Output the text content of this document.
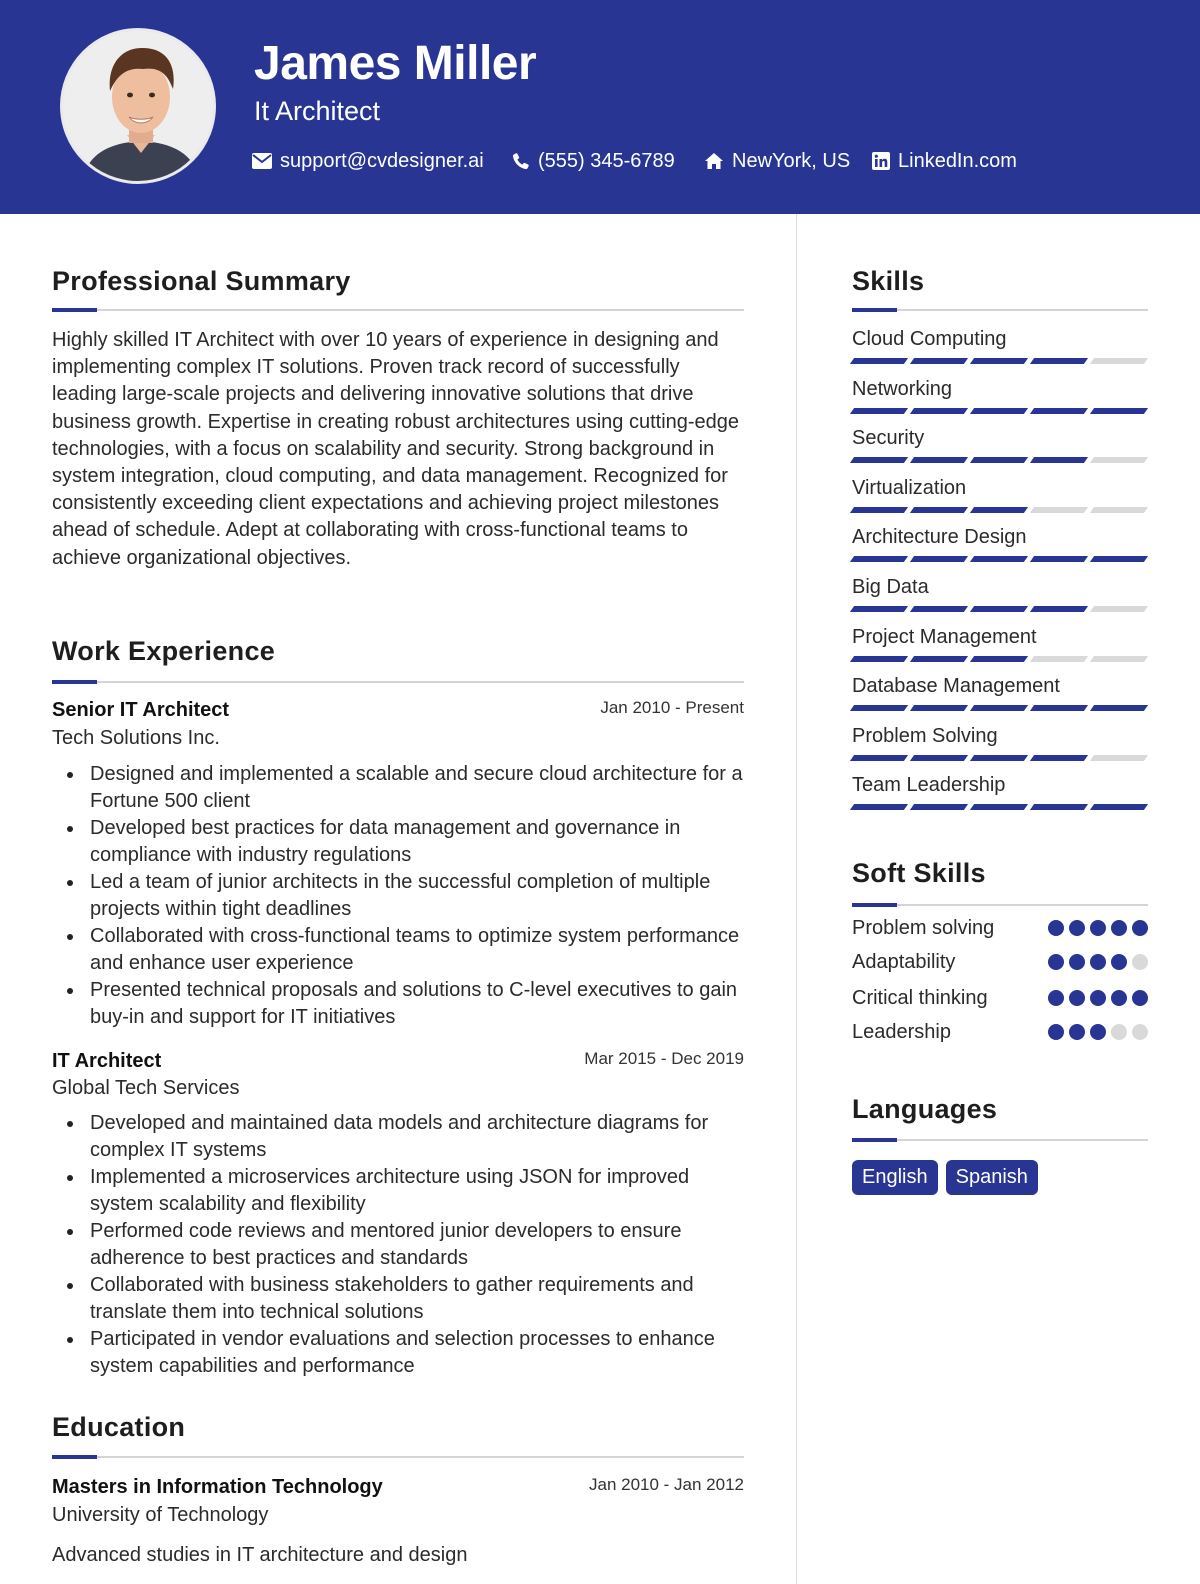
James Miller
It Architect
support@cvdesigner.ai	(555) 345-6789	NewYork, US LinkedIn.com
Professional Summary
Highly skilled IT Architect with over 10 years of experience in designing and implementing complex IT solutions. Proven track record of successfully leading large-scale projects and delivering innovative solutions that drive business growth. Expertise in creating robust architectures using cutting-edge technologies, with a focus on scalability and security. Strong background in system integration, cloud computing, and data management. Recognized for consistently exceeding client expectations and achieving project milestones ahead of schedule. Adept at collaborating with cross-functional teams to achieve organizational objectives.
Work Experience
Senior IT Architect	Jan 2010 - Present
Tech Solutions Inc.
Designed and implemented a scalable and secure cloud architecture for a Fortune 500 client
Developed best practices for data management and governance in compliance with industry regulations
Led a team of junior architects in the successful completion of multiple projects within tight deadlines
Collaborated with cross-functional teams to optimize system performance and enhance user experience
Presented technical proposals and solutions to C-level executives to gain buy-in and support for IT initiatives
IT Architect	Mar 2015 - Dec 2019
Global Tech Services
Developed and maintained data models and architecture diagrams for complex IT systems
Implemented a microservices architecture using JSON for improved system scalability and flexibility
Performed code reviews and mentored junior developers to ensure adherence to best practices and standards
Collaborated with business stakeholders to gather requirements and translate them into technical solutions
Participated in vendor evaluations and selection processes to enhance system capabilities and performance
Education
Masters in Information Technology	Jan 2010 - Jan 2012
University of Technology
Advanced studies in IT architecture and design
Skills
Cloud Computing
Networking
Security
Virtualization
Architecture Design
Big Data
Project Management
Database Management
Problem Solving
Team Leadership
Soft Skills
Problem solving
Adaptability
Critical thinking
Leadership
Languages
English	Spanish
